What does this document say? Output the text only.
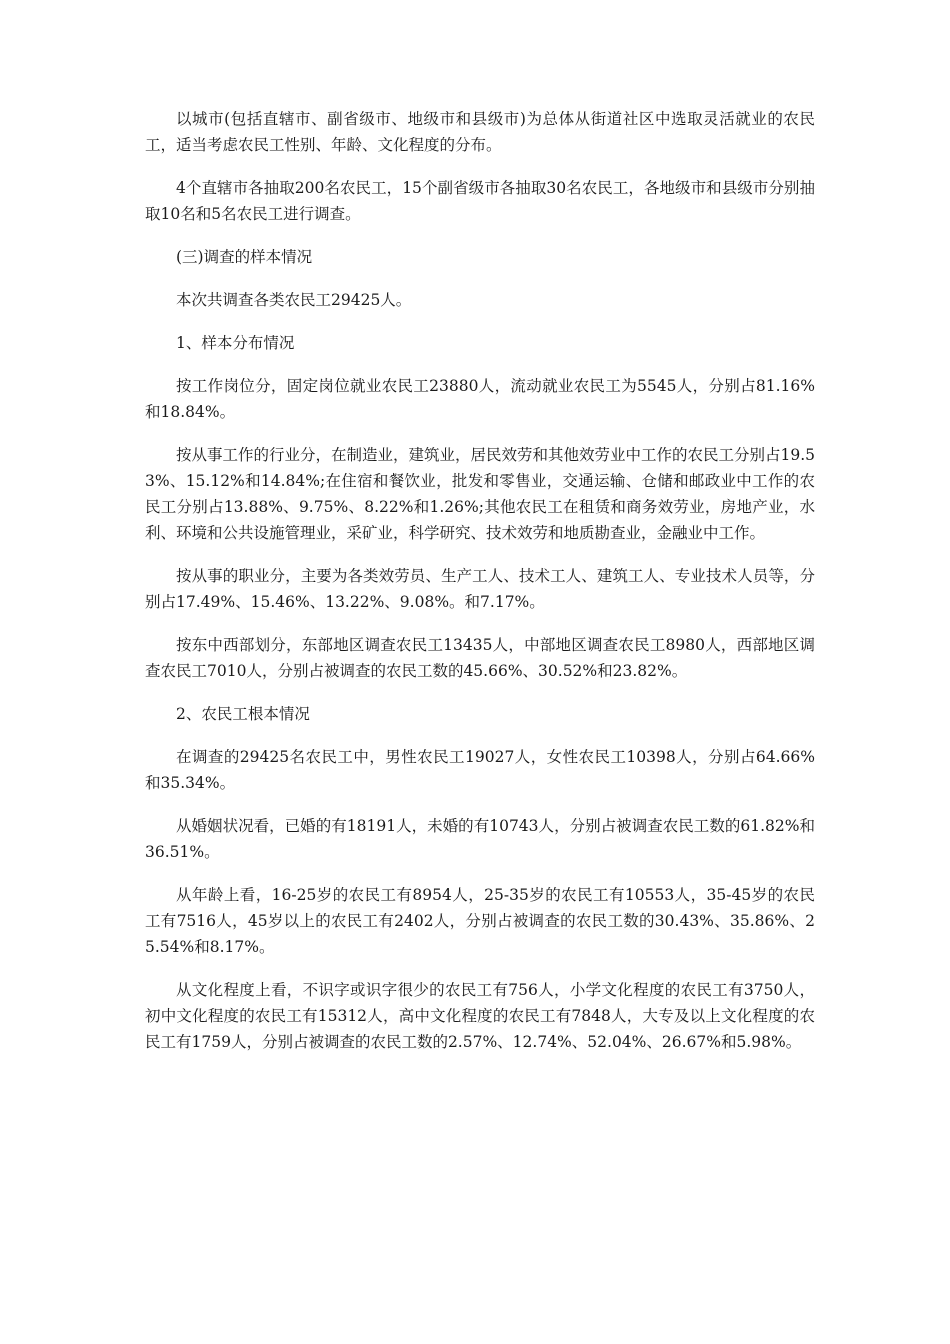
以城市(包括直辖市、副省级市、地级市和县级市)为总体从街道社区中选取灵活就业的农民工，适当考虑农民工性别、年龄、文化程度的分布。

4个直辖市各抽取200名农民工，15个副省级市各抽取30名农民工，各地级市和县级市分别抽取10名和5名农民工进行调查。

(三)调查的样本情况

本次共调查各类农民工29425人。

1、样本分布情况

按工作岗位分，固定岗位就业农民工23880人，流动就业农民工为5545人，分别占81.16%和18.84%。

按从事工作的行业分，在制造业，建筑业，居民效劳和其他效劳业中工作的农民工分别占19.53%、15.12%和14.84%;在住宿和餐饮业，批发和零售业，交通运输、仓储和邮政业中工作的农民工分别占13.88%、9.75%、8.22%和1.26%;其他农民工在租赁和商务效劳业，房地产业，水利、环境和公共设施管理业，采矿业，科学研究、技术效劳和地质勘查业，金融业中工作。

按从事的职业分，主要为各类效劳员、生产工人、技术工人、建筑工人、专业技术人员等，分别占17.49%、15.46%、13.22%、9.08%。和7.17%。

按东中西部划分，东部地区调查农民工13435人，中部地区调查农民工8980人，西部地区调查农民工7010人，分别占被调查的农民工数的45.66%、30.52%和23.82%。

2、农民工根本情况

在调查的29425名农民工中，男性农民工19027人，女性农民工10398人，分别占64.66%和35.34%。

从婚姻状况看，已婚的有18191人，未婚的有10743人，分别占被调查农民工数的61.82%和36.51%。

从年龄上看，16-25岁的农民工有8954人，25-35岁的农民工有10553人，35-45岁的农民工有7516人，45岁以上的农民工有2402人，分别占被调查的农民工数的30.43%、35.86%、25.54%和8.17%。

从文化程度上看，不识字或识字很少的农民工有756人，小学文化程度的农民工有3750人，初中文化程度的农民工有15312人，高中文化程度的农民工有7848人，大专及以上文化程度的农民工有1759人，分别占被调查的农民工数的2.57%、12.74%、52.04%、26.67%和5.98%。
